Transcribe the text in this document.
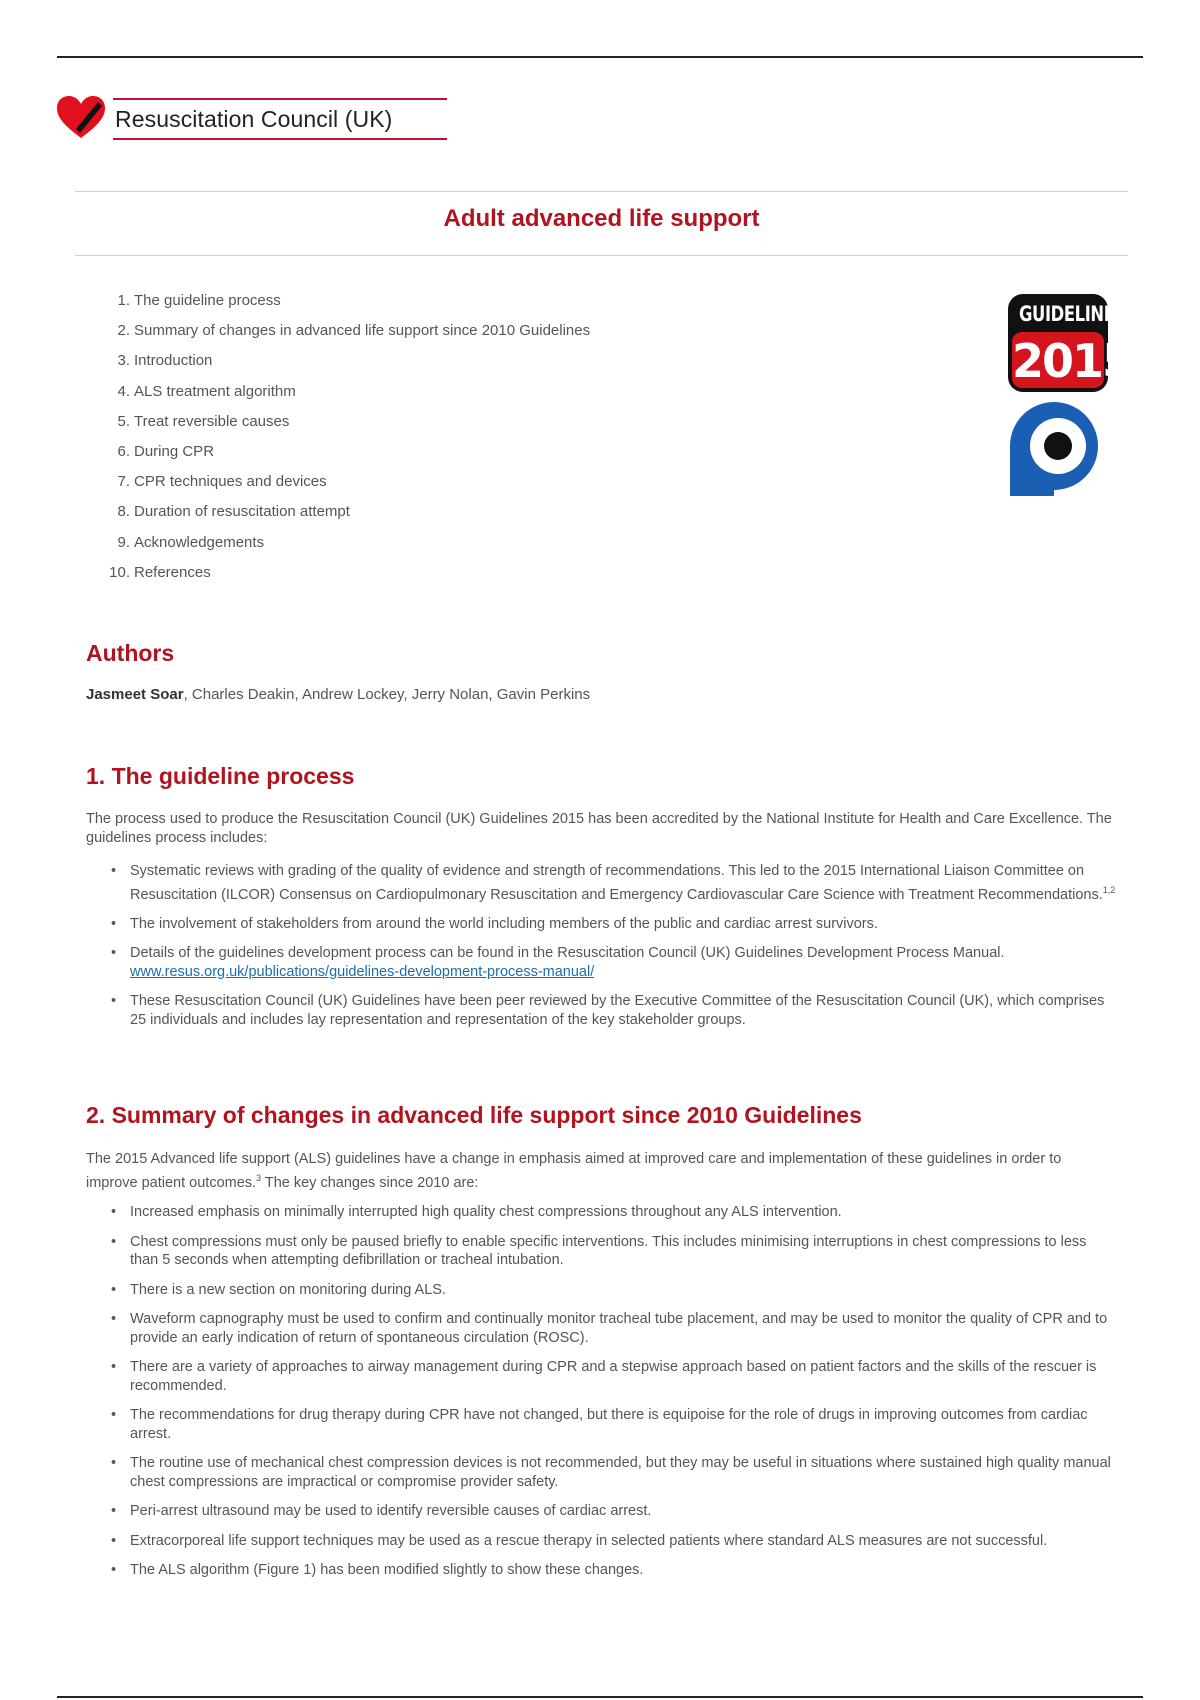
Resuscitation Council (UK)
Adult advanced life support
1. The guideline process
2. Summary of changes in advanced life support since 2010 Guidelines
3. Introduction
4. ALS treatment algorithm
5. Treat reversible causes
6. During CPR
7. CPR techniques and devices
8. Duration of resuscitation attempt
9. Acknowledgements
10. References
GUIDELINES
2015
Authors
Jasmeet Soar, Charles Deakin, Andrew Lockey, Jerry Nolan, Gavin Perkins
1. The guideline process

The process used to produce the Resuscitation Council (UK) Guidelines 2015 has been accredited by the National Institute for Health and Care Excellence. The guidelines process includes:

• Systematic reviews with grading of the quality of evidence and strength of recommendations. This led to the 2015 International Liaison Committee on Resuscitation (ILCOR) Consensus on Cardiopulmonary Resuscitation and Emergency Cardiovascular Care Science with Treatment Recommendations.$^{1,2}$
• The involvement of stakeholders from around the world including members of the public and cardiac arrest survivors.
• Details of the guidelines development process can be found in the Resuscitation Council (UK) Guidelines Development Process Manual.
www.resus.org.uk/publications/guidelines-development-process-manual/
• These Resuscitation Council (UK) Guidelines have been peer reviewed by the Executive Committee of the Resuscitation Council (UK), which comprises 25 individuals and includes lay representation and representation of the key stakeholder groups.
2. Summary of changes in advanced life support since 2010 Guidelines

The 2015 Advanced life support (ALS) guidelines have a change in emphasis aimed at improved care and implementation of these guidelines in order to improve patient outcomes.$^3$ The key changes since 2010 are:

• Increased emphasis on minimally interrupted high quality chest compressions throughout any ALS intervention.
• Chest compressions must only be paused briefly to enable specific interventions. This includes minimising interruptions in chest compressions to less than 5 seconds when attempting defibrillation or tracheal intubation.
• There is a new section on monitoring during ALS.
• Waveform capnography must be used to confirm and continually monitor tracheal tube placement, and may be used to monitor the quality of CPR and to provide an early indication of return of spontaneous circulation (ROSC).
• There are a variety of approaches to airway management during CPR and a stepwise approach based on patient factors and the skills of the rescuer is recommended.
• The recommendations for drug therapy during CPR have not changed, but there is equipoise for the role of drugs in improving outcomes from cardiac arrest.
• The routine use of mechanical chest compression devices is not recommended, but they may be useful in situations where sustained high quality manual chest compressions are impractical or compromise provider safety.
• Peri-arrest ultrasound may be used to identify reversible causes of cardiac arrest.
• Extracorporeal life support techniques may be used as a rescue therapy in selected patients where standard ALS measures are not successful.
• The ALS algorithm (Figure 1) has been modified slightly to show these changes.
